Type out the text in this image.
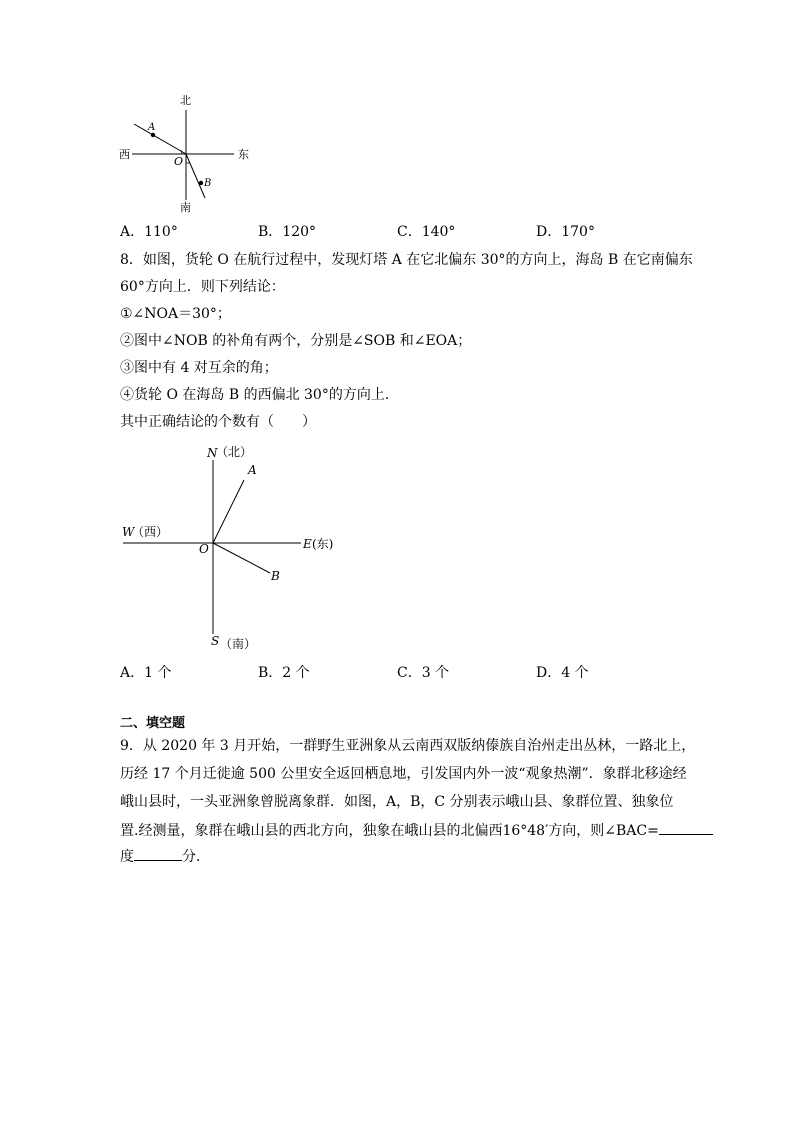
北
南
西	东
O
A
B
A．110°	B．120°	C．140°	D．170°
8．如图，货轮 O 在航行过程中，发现灯塔 A 在它北偏东 30°的方向上，海岛 B 在它南偏东
60°方向上．则下列结论：
①∠NOA＝30°；
②图中∠NOB 的补角有两个，分别是∠SOB 和∠EOA；
③图中有 4 对互余的角；
④货轮 O 在海岛 B 的西偏北 30°的方向上．
其中正确结论的个数有（　　）
N
（北）
A
W
（西）
O	E (东)
B
S （南）
A．1 个	B．2 个	C．3 个	D．4 个
二、填空题
9．从 2020 年 3 月开始，一群野生亚洲象从云南西双版纳傣族自治州走出丛林，一路北上，
历经 17 个月迁徙逾 500 公里安全返回栖息地，引发国内外一波“观象热潮”．象群北移途经
峨山县时，一头亚洲象曾脱离象群．如图，A，B，C 分别表示峨山县、象群位置、独象位
置.经测量，象群在峨山县的西北方向，独象在峨山县的北偏西16°48′方向，则∠BAC=
度	分．
